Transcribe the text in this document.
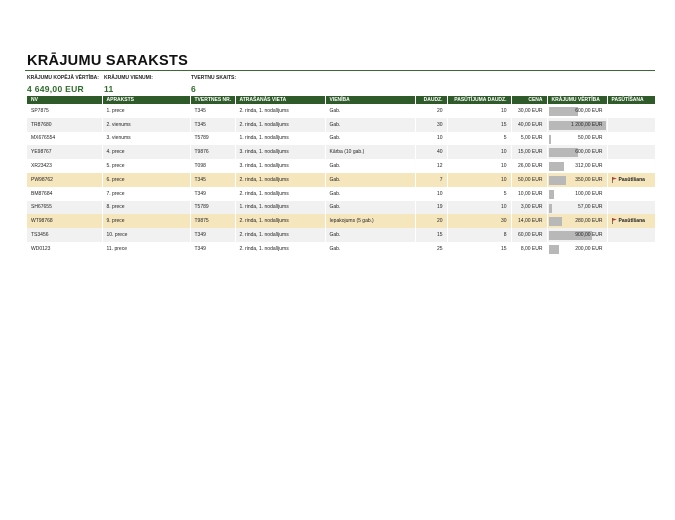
KRĀJUMU SARAKSTS
KRĀJUMU KOPĒJĀ VĒRTĪBA:
4 649,00 EUR
KRĀJUMU VIENUMI:
11
TVERTNU SKAITS:
6
NV	APRAKSTS	TVERTNES NR.	ATRAŠANĀS VIETA	VIENĪBA	DAUDZ.	PASŪTĪJUMA DAUDZ.	CENA	KRĀJUMU VĒRTĪBA	PASŪTĪŠANA
SP7875	1. prece	T345	2. rinda, 1. nodalījums	Gab.	20	10	30,00 EUR	600,00 EUR	

TR87680	2. vienums	T345	2. rinda, 1. nodalījums	Gab.	30	15	40,00 EUR	1 200,00 EUR	

MX676554	3. vienums	T5789	1. rinda, 1. nodalījums	Gab.	10	5	5,00 EUR	50,00 EUR	

YE98767	4. prece	T9876	3. rinda, 1. nodalījums	Kārba (10 gab.)	40	10	15,00 EUR	600,00 EUR	

XR23423	5. prece	T098	3. rinda, 1. nodalījums	Gab.	12	10	26,00 EUR	312,00 EUR	

PW98762	6. prece	T345	2. rinda, 1. nodalījums	Gab.	7	10	50,00 EUR	350,00 EUR	Pasūtīšana
BM87684	7. prece	T349	2. rinda, 1. nodalījums	Gab.	10	5	10,00 EUR	100,00 EUR	

SH67655	8. prece	T5789	1. rinda, 1. nodalījums	Gab.	19	10	3,00 EUR	57,00 EUR	

WT98768	9. prece	T9875	2. rinda, 1. nodalījums	Iepakojums (5 gab.)	20	30	14,00 EUR	280,00 EUR	Pasūtīšana
TS3456	10. prece	T349	2. rinda, 1. nodalījums	Gab.	15	8	60,00 EUR	900,00 EUR	

WD0123	11. prece	T349	2. rinda, 1. nodalījums	Gab.	25	15	8,00 EUR	200,00 EUR	
